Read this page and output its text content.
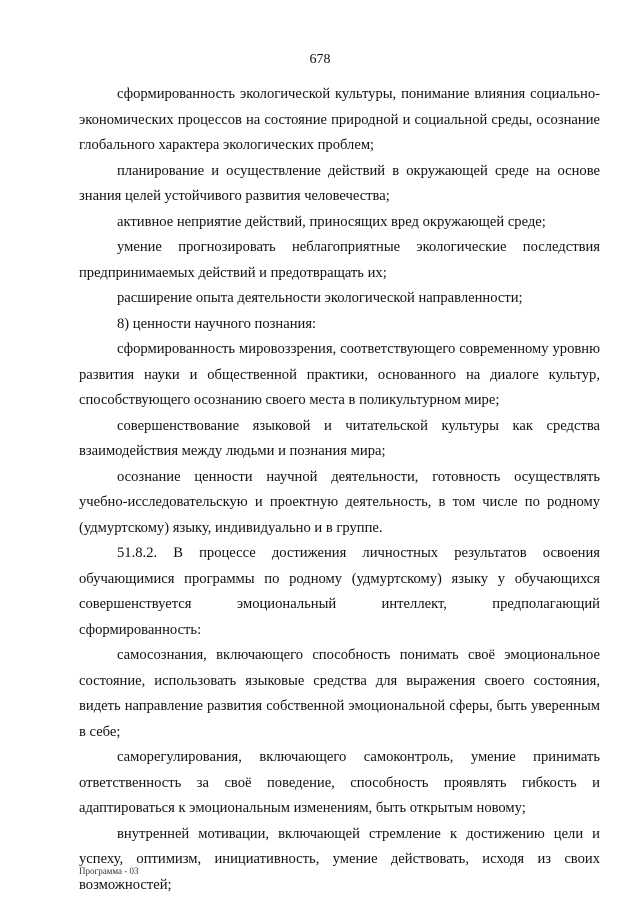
678

сформированность экологической культуры, понимание влияния социально-экономических процессов на состояние природной и социальной среды, осознание глобального характера экологических проблем;

планирование и осуществление действий в окружающей среде на основе знания целей устойчивого развития человечества;

активное неприятие действий, приносящих вред окружающей среде;

умение прогнозировать неблагоприятные экологические последствия предпринимаемых действий и предотвращать их;

расширение опыта деятельности экологической направленности;

8) ценности научного познания:

сформированность мировоззрения, соответствующего современному уровню развития науки и общественной практики, основанного на диалоге культур, способствующего осознанию своего места в поликультурном мире;

совершенствование языковой и читательской культуры как средства взаимодействия между людьми и познания мира;

осознание ценности научной деятельности, готовность осуществлять учебно-исследовательскую и проектную деятельность, в том числе по родному (удмуртскому) языку, индивидуально и в группе.

51.8.2. В процессе достижения личностных результатов освоения обучающимися программы по родному (удмуртскому) языку у обучающихся совершенствуется эмоциональный интеллект, предполагающий сформированность:

самосознания, включающего способность понимать своё эмоциональное состояние, использовать языковые средства для выражения своего состояния, видеть направление развития собственной эмоциональной сферы, быть уверенным в себе;

саморегулирования, включающего самоконтроль, умение принимать ответственность за своё поведение, способность проявлять гибкость и адаптироваться к эмоциональным изменениям, быть открытым новому;

внутренней мотивации, включающей стремление к достижению цели и успеху, оптимизм, инициативность, умение действовать, исходя из своих возможностей;

Программа - 03
